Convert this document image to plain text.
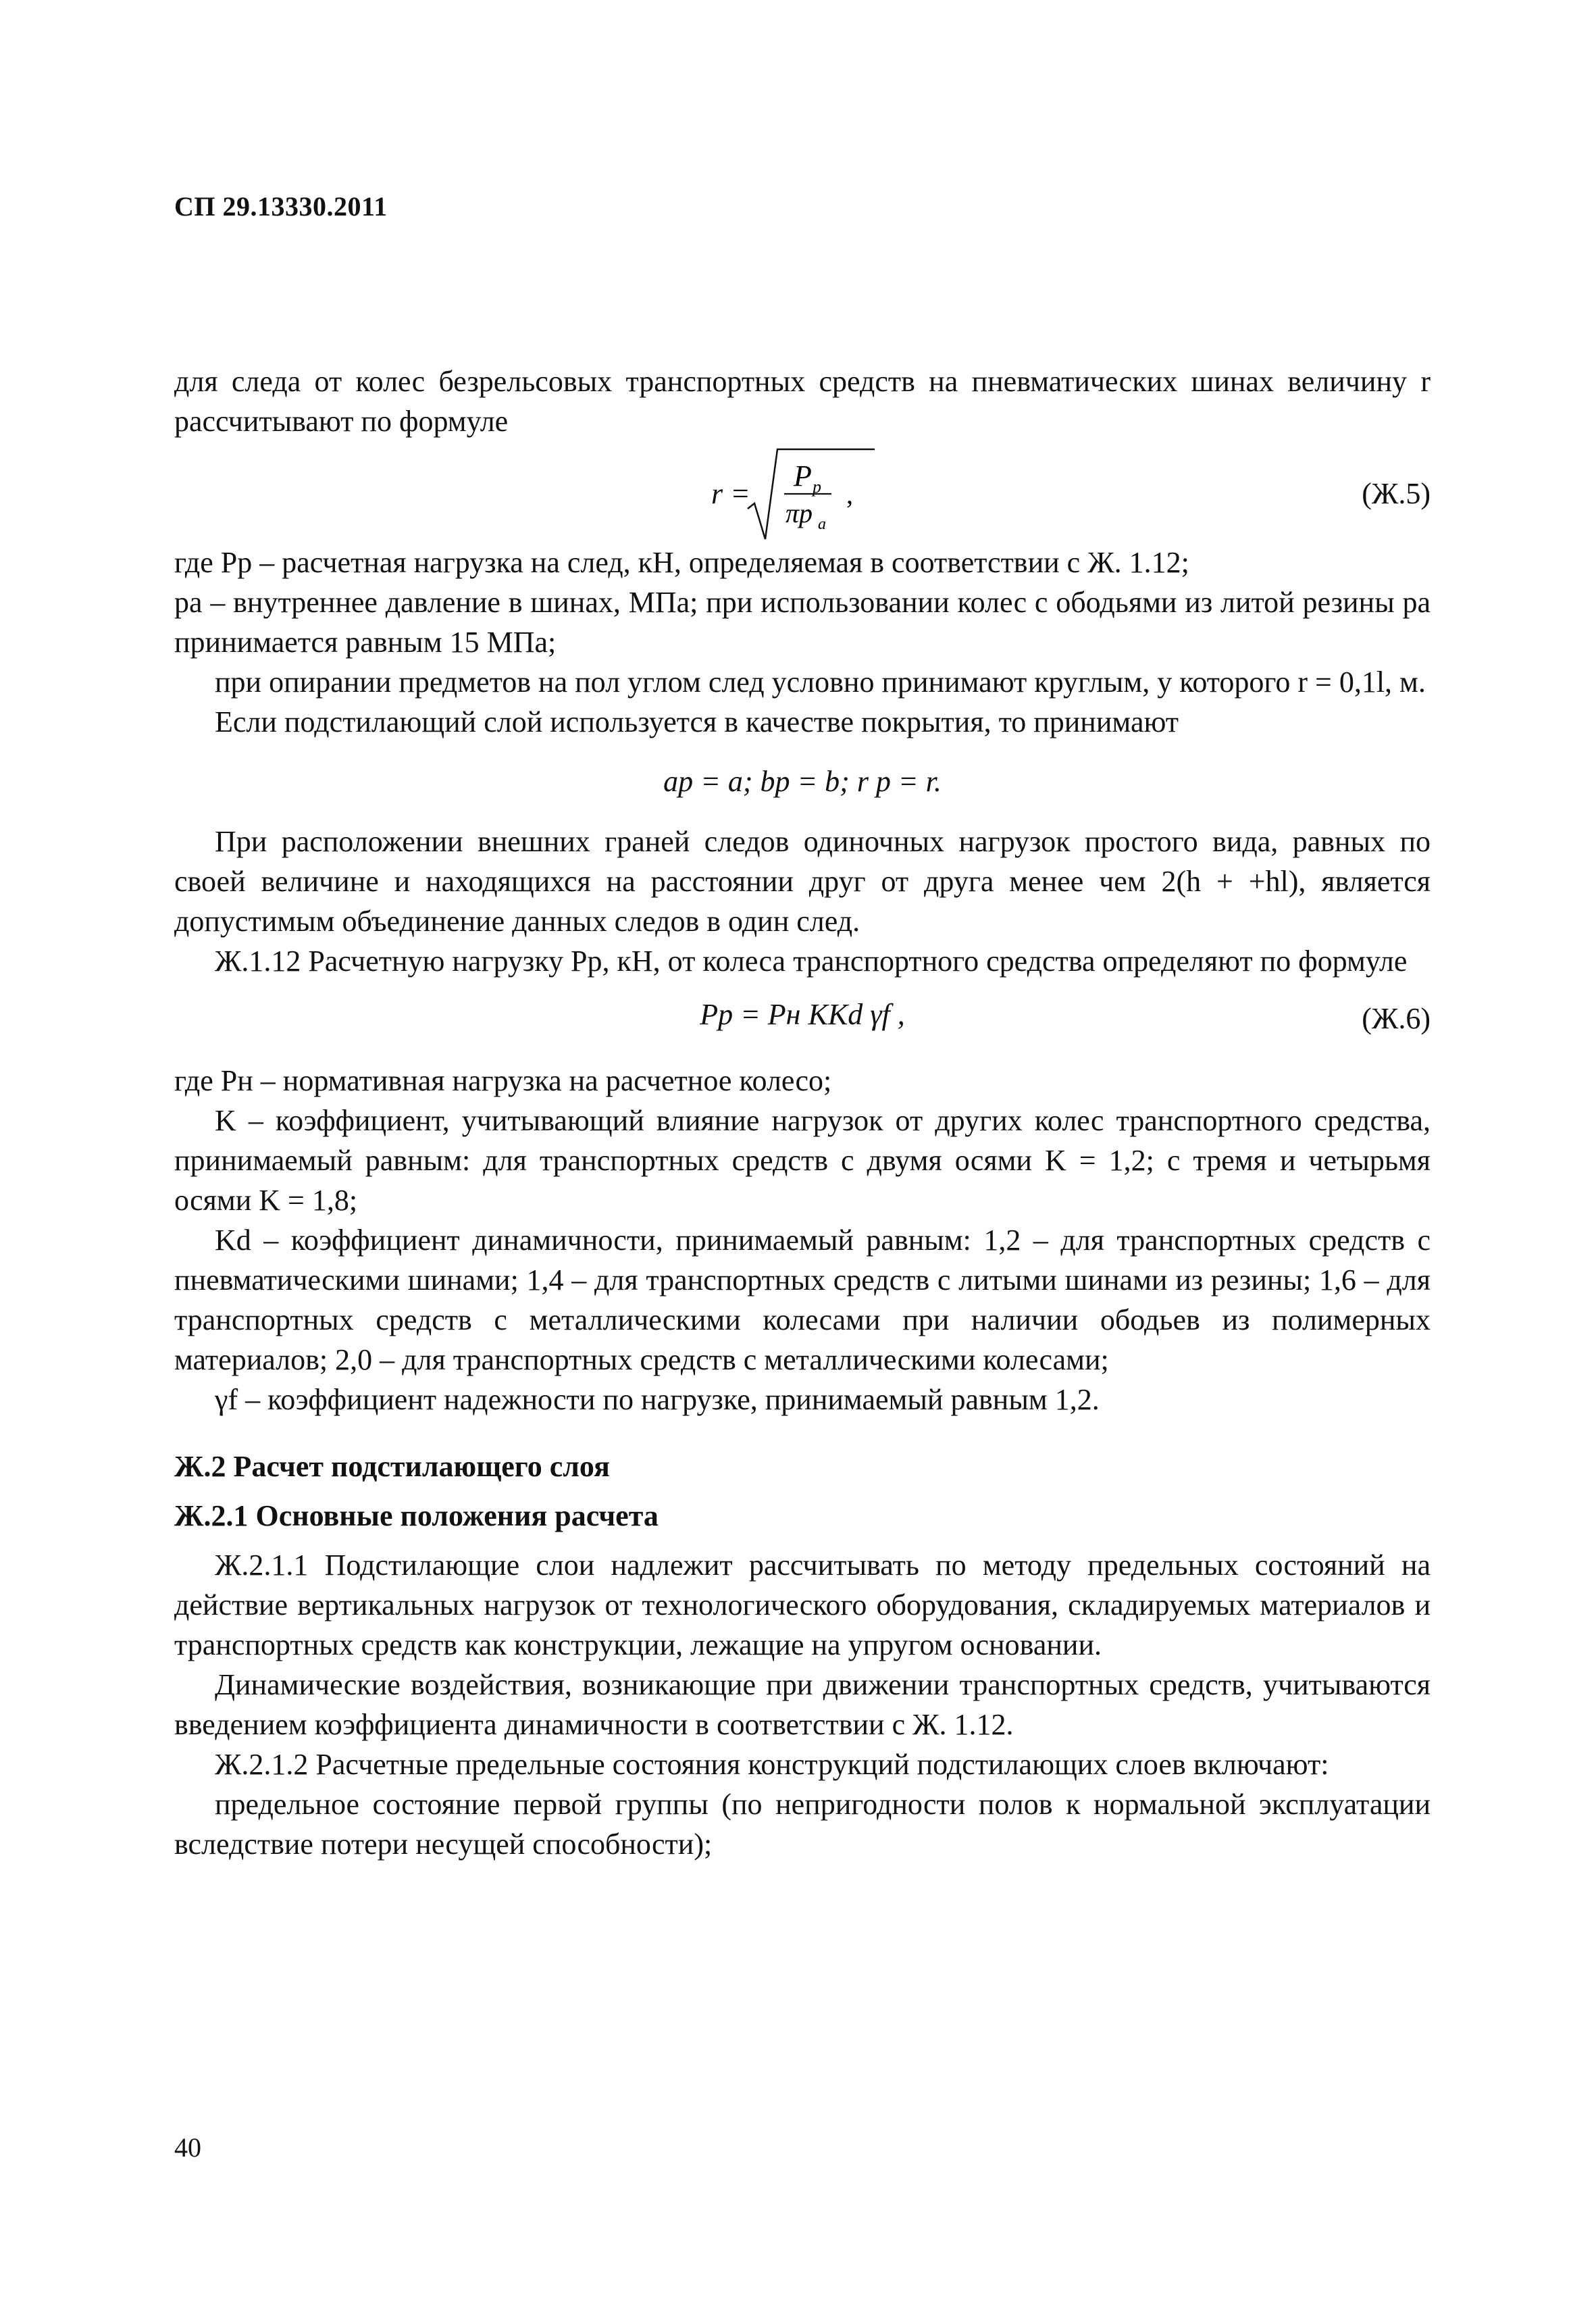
СП 29.13330.2011

для следа от колес безрельсовых транспортных средств на пневматических шинах величину r рассчитывают по формуле

r =
P p
πp a
,	(Ж.5)

где Pр – расчетная нагрузка на след, кН, определяемая в соответствии с Ж. 1.12;

pa – внутреннее давление в шинах, МПа; при использовании колес с ободьями из литой резины pa принимается равным 15 МПа;

при опирании предметов на пол углом след условно принимают круглым, у которого r = 0,1l, м.

Если подстилающий слой используется в качестве покрытия, то принимают

ap = a; bp = b; r p = r.

При расположении внешних граней следов одиночных нагрузок простого вида, равных по своей величине и находящихся на расстоянии друг от друга менее чем 2(h + +hl), является допустимым объединение данных следов в один след.

Ж.1.12 Расчетную нагрузку Pр, кН, от колеса транспортного средства определяют по формуле

Pр = Pн KKd γf ,	(Ж.6)

где Pн – нормативная нагрузка на расчетное колесо;

K – коэффициент, учитывающий влияние нагрузок от других колес транспортного средства, принимаемый равным: для транспортных средств с двумя осями K = 1,2; с тремя и четырьмя осями K = 1,8;

Kd – коэффициент динамичности, принимаемый равным: 1,2 – для транспортных средств с пневматическими шинами; 1,4 – для транспортных средств с литыми шинами из резины; 1,6 – для транспортных средств с металлическими колесами при наличии ободьев из полимерных материалов; 2,0 – для транспортных средств с металлическими колесами;

γf – коэффициент надежности по нагрузке, принимаемый равным 1,2.

Ж.2 Расчет подстилающего слоя

Ж.2.1 Основные положения расчета

Ж.2.1.1 Подстилающие слои надлежит рассчитывать по методу предельных состояний на действие вертикальных нагрузок от технологического оборудования, складируемых материалов и транспортных средств как конструкции, лежащие на упругом основании.

Динамические воздействия, возникающие при движении транспортных средств, учитываются введением коэффициента динамичности в соответствии с Ж. 1.12.

Ж.2.1.2 Расчетные предельные состояния конструкций подстилающих слоев включают:

предельное состояние первой группы (по непригодности полов к нормальной эксплуатации вследствие потери несущей способности);

40
